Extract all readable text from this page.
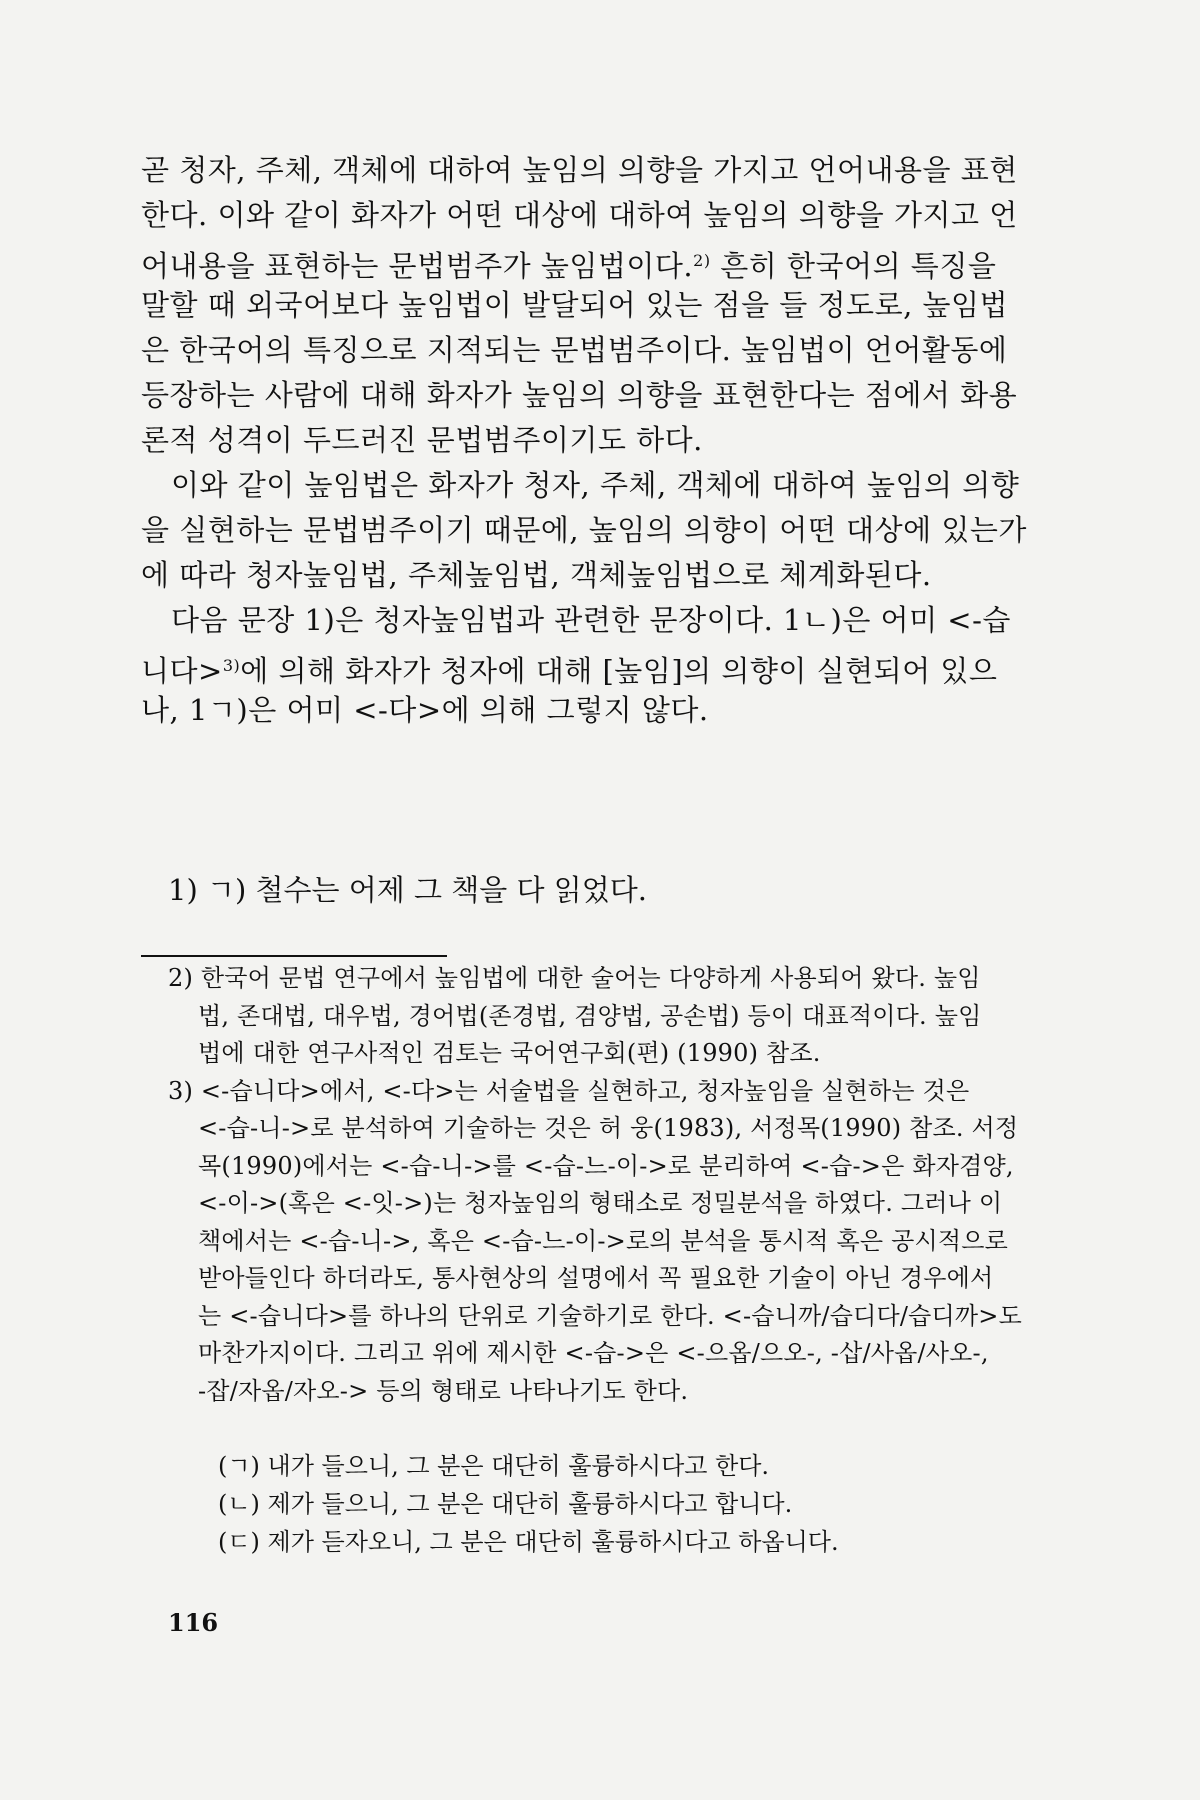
곧 청자, 주체, 객체에 대하여 높임의 의향을 가지고 언어내용을 표현
한다. 이와 같이 화자가 어떤 대상에 대하여 높임의 의향을 가지고 언
어내용을 표현하는 문법범주가 높임법이다.$^{2)}$ 흔히 한국어의 특징을
말할 때 외국어보다 높임법이 발달되어 있는 점을 들 정도로, 높임법
은 한국어의 특징으로 지적되는 문법범주이다. 높임법이 언어활동에
등장하는 사람에 대해 화자가 높임의 의향을 표현한다는 점에서 화용
론적 성격이 두드러진 문법범주이기도 하다.
이와 같이 높임법은 화자가 청자, 주체, 객체에 대하여 높임의 의향
을 실현하는 문법범주이기 때문에, 높임의 의향이 어떤 대상에 있는가
에 따라 청자높임법, 주체높임법, 객체높임법으로 체계화된다.
다음 문장 1)은 청자높임법과 관련한 문장이다. 1ㄴ)은 어미 <-습
니다>$^{3)}$에 의해 화자가 청자에 대해 [높임]의 의향이 실현되어 있으
나, 1ㄱ)은 어미 <-다>에 의해 그렇지 않다.
1) ㄱ) 철수는 어제 그 책을 다 읽었다.
2) 한국어 문법 연구에서 높임법에 대한 술어는 다양하게 사용되어 왔다. 높임
법, 존대법, 대우법, 경어법(존경법, 겸양법, 공손법) 등이 대표적이다. 높임
법에 대한 연구사적인 검토는 국어연구회(편) (1990) 참조.
3) <-습니다>에서, <-다>는 서술법을 실현하고, 청자높임을 실현하는 것은
<-습-니->로 분석하여 기술하는 것은 허 웅(1983), 서정목(1990) 참조. 서정
목(1990)에서는 <-습-니->를 <-습-느-이->로 분리하여 <-습->은 화자겸양,
<-이->(혹은 <-잇->)는 청자높임의 형태소로 정밀분석을 하였다. 그러나 이
책에서는 <-습-니->, 혹은 <-습-느-이->로의 분석을 통시적 혹은 공시적으로
받아들인다 하더라도, 통사현상의 설명에서 꼭 필요한 기술이 아닌 경우에서
는 <-습니다>를 하나의 단위로 기술하기로 한다. <-습니까/습디다/습디까>도
마찬가지이다. 그리고 위에 제시한 <-습->은 <-으옵/으오-, -삽/사옵/사오-,
-잡/자옵/자오-> 등의 형태로 나타나기도 한다.
(ㄱ) 내가 들으니, 그 분은 대단히 훌륭하시다고 한다.
(ㄴ) 제가 들으니, 그 분은 대단히 훌륭하시다고 합니다.
(ㄷ) 제가 듣자오니, 그 분은 대단히 훌륭하시다고 하옵니다.
116
